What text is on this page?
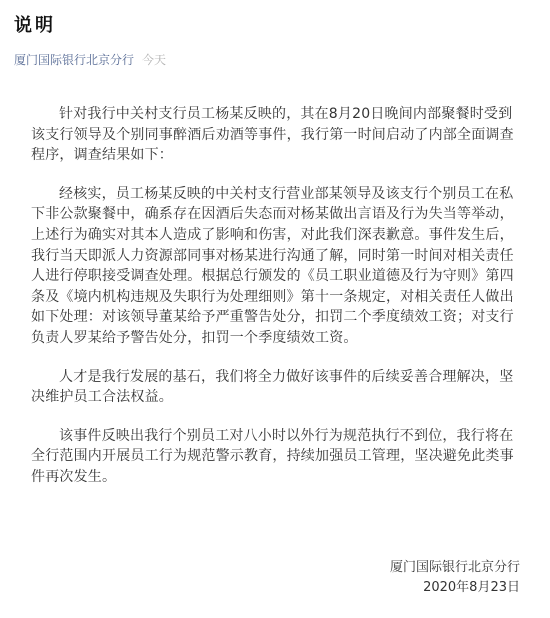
说明
厦门国际银行北京分行 今天

针对我行中关村支行员工杨某反映的，其在8月20日晚间内部聚餐时受到该支行领导及个别同事醉酒后劝酒等事件，我行第一时间启动了内部全面调查程序，调查结果如下：

经核实，员工杨某反映的中关村支行营业部某领导及该支行个别员工在私下非公款聚餐中，确系存在因酒后失态而对杨某做出言语及行为失当等举动，上述行为确实对其本人造成了影响和伤害，对此我们深表歉意。事件发生后，我行当天即派人力资源部同事对杨某进行沟通了解，同时第一时间对相关责任人进行停职接受调查处理。根据总行颁发的《员工职业道德及行为守则》第四条及《境内机构违规及失职行为处理细则》第十一条规定，对相关责任人做出如下处理：对该领导董某给予严重警告处分，扣罚二个季度绩效工资；对支行负责人罗某给予警告处分，扣罚一个季度绩效工资。

人才是我行发展的基石，我们将全力做好该事件的后续妥善合理解决，坚决维护员工合法权益。

该事件反映出我行个别员工对八小时以外行为规范执行不到位，我行将在全行范围内开展员工行为规范警示教育，持续加强员工管理，坚决避免此类事件再次发生。

厦门国际银行北京分行
2020年8月23日
